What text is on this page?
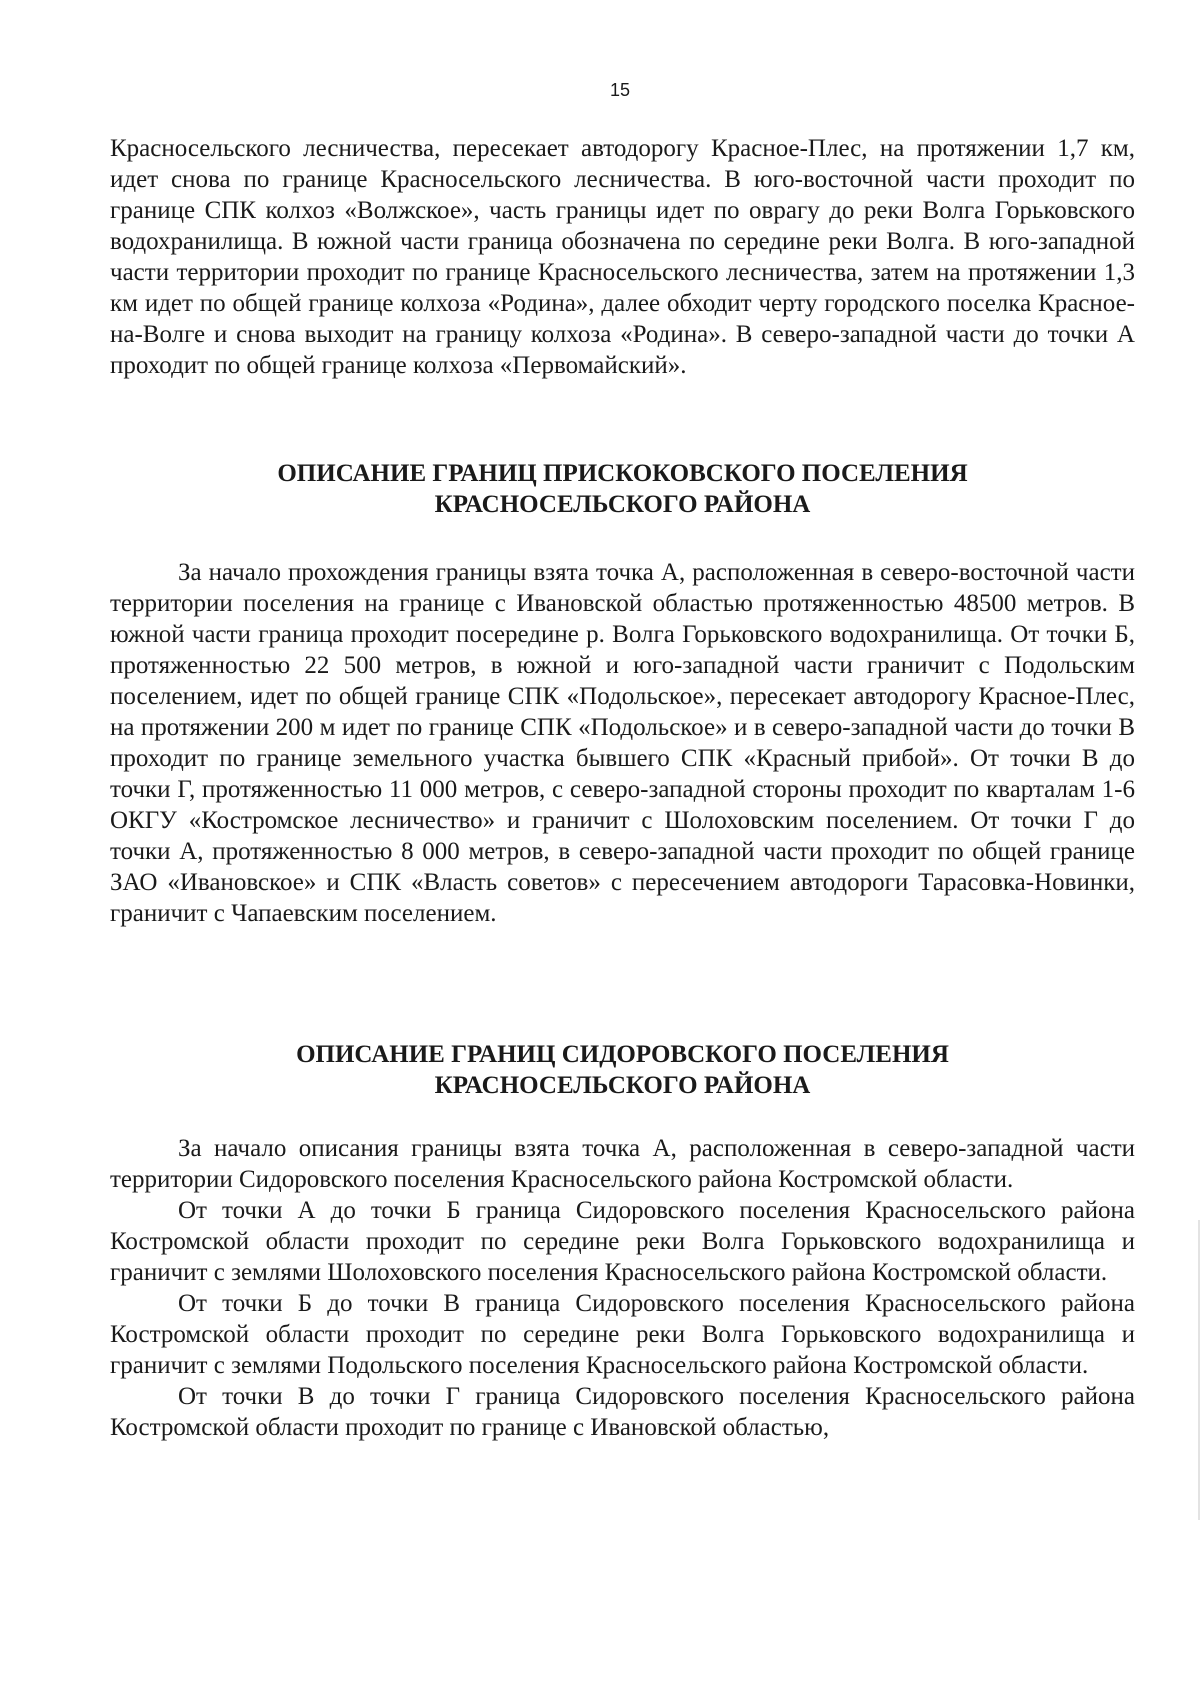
15

Красносельского лесничества, пересекает автодорогу Красное-Плес, на протяжении 1,7 км, идет снова по границе Красносельского лесничества. В юго-восточной части проходит по границе СПК колхоз «Волжское», часть границы идет по оврагу до реки Волга Горьковского водохранилища. В южной части граница обозначена по середине реки Волга. В юго-западной части территории проходит по границе Красносельского лесничества, затем на протяжении 1,3 км идет по общей границе колхоза «Родина», далее обходит черту городского поселка Красное-на-Волге и снова выходит на границу колхоза «Родина». В северо-западной части до точки А проходит по общей границе колхоза «Первомайский».

ОПИСАНИЕ ГРАНИЦ ПРИСКОКОВСКОГО ПОСЕЛЕНИЯ
КРАСНОСЕЛЬСКОГО РАЙОНА

За начало прохождения границы взята точка А, расположенная в северо-восточной части территории поселения на границе с Ивановской областью протяженностью 48500 метров. В южной части граница проходит посередине р. Волга Горьковского водохранилища. От точки Б, протяженностью 22 500 метров, в южной и юго-западной части граничит с Подольским поселением, идет по общей границе СПК «Подольское», пересекает автодорогу Красное-Плес, на протяжении 200 м идет по границе СПК «Подольское» и в северо-западной части до точки В проходит по границе земельного участка бывшего СПК «Красный прибой». От точки В до точки Г, протяженностью 11 000 метров, с северо-западной стороны проходит по кварталам 1-6 ОКГУ «Костромское лесничество» и граничит с Шолоховским поселением. От точки Г до точки А, протяженностью 8 000 метров, в северо-западной части проходит по общей границе ЗАО «Ивановское» и СПК «Власть советов» с пересечением автодороги Тарасовка-Новинки, граничит с Чапаевским поселением.

ОПИСАНИЕ ГРАНИЦ СИДОРОВСКОГО ПОСЕЛЕНИЯ
КРАСНОСЕЛЬСКОГО РАЙОНА

За начало описания границы взята точка А, расположенная в северо-западной части территории Сидоровского поселения Красносельского района Костромской области.

От точки А до точки Б граница Сидоровского поселения Красносельского района Костромской области проходит по середине реки Волга Горьковского водохранилища и граничит с землями Шолоховского поселения Красносельского района Костромской области.

От точки Б до точки В граница Сидоровского поселения Красносельского района Костромской области проходит по середине реки Волга Горьковского водохранилища и граничит с землями Подольского поселения Красносельского района Костромской области.

От точки В до точки Г граница Сидоровского поселения Красносельского района Костромской области проходит по границе с Ивановской областью,
